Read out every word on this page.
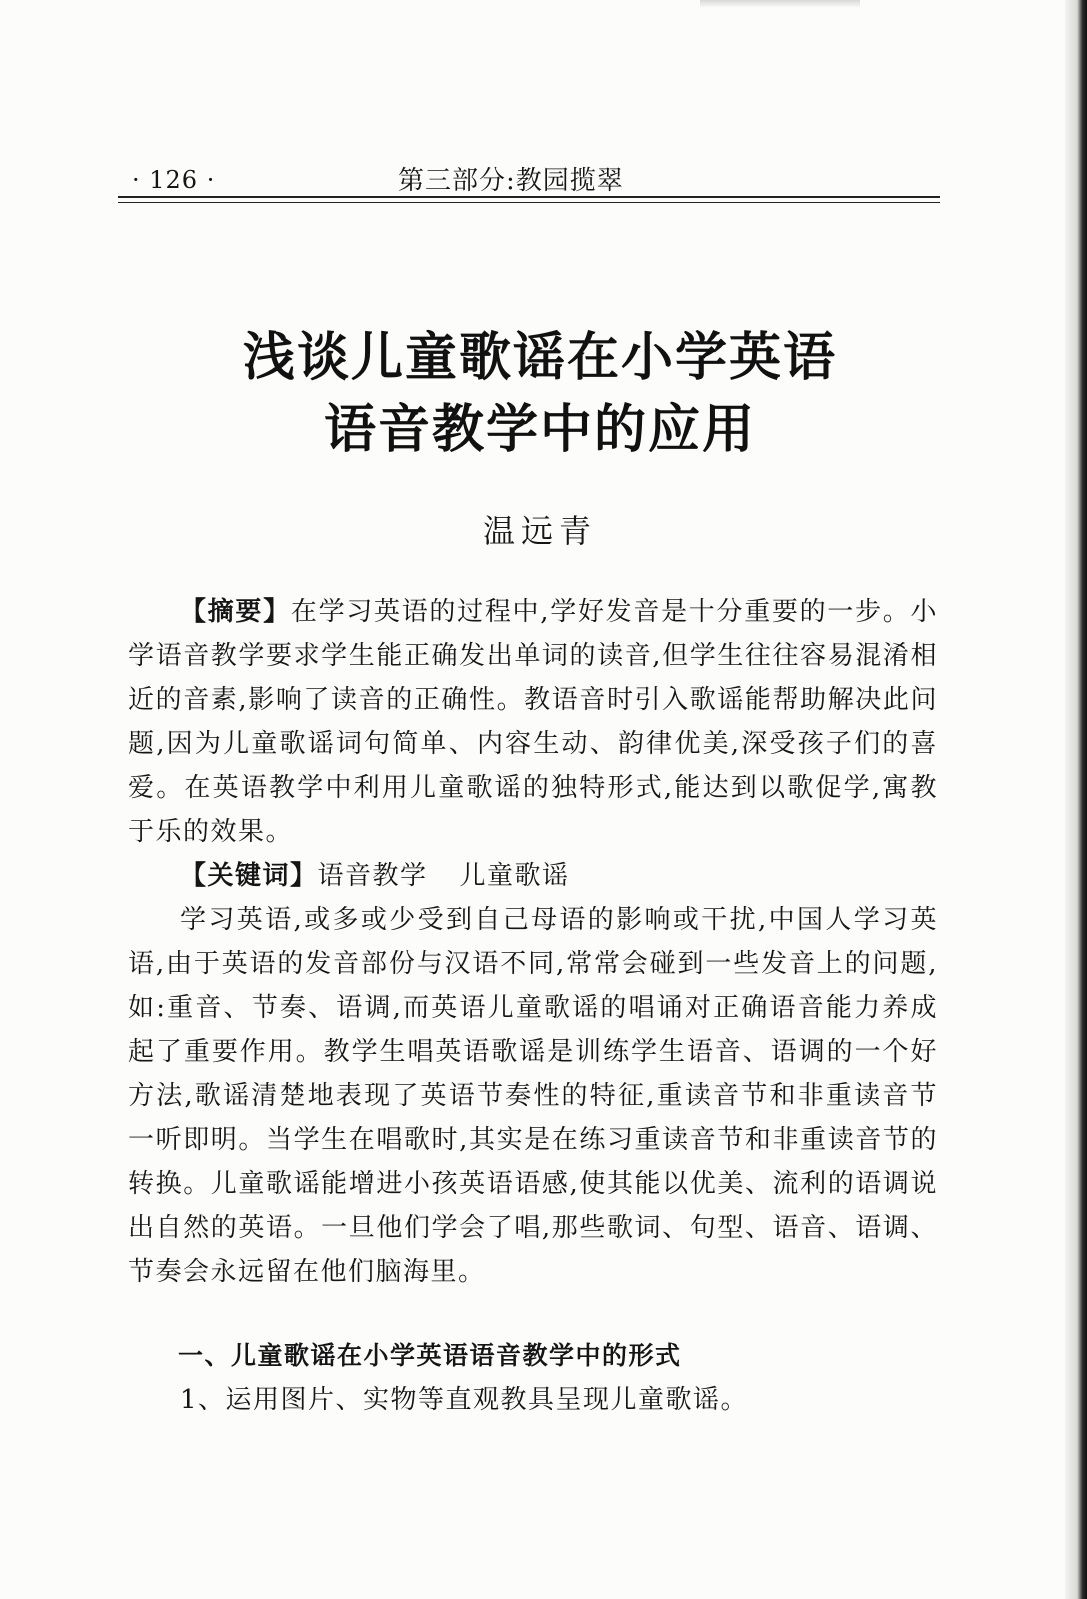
· 126 ·	第三部分:教园揽翠
浅谈儿童歌谣在小学英语
语音教学中的应用
温远青

【摘要】在学习英语的过程中,学好发音是十分重要的一步。小学语音教学要求学生能正确发出单词的读音,但学生往往容易混淆相近的音素,影响了读音的正确性。教语音时引入歌谣能帮助解决此问题,因为儿童歌谣词句简单、内容生动、韵律优美,深受孩子们的喜爱。在英语教学中利用儿童歌谣的独特形式,能达到以歌促学,寓教于乐的效果。

【关键词】语音教学 儿童歌谣

学习英语,或多或少受到自己母语的影响或干扰,中国人学习英语,由于英语的发音部份与汉语不同,常常会碰到一些发音上的问题,如:重音、节奏、语调,而英语儿童歌谣的唱诵对正确语音能力养成起了重要作用。教学生唱英语歌谣是训练学生语音、语调的一个好方法,歌谣清楚地表现了英语节奏性的特征,重读音节和非重读音节一听即明。当学生在唱歌时,其实是在练习重读音节和非重读音节的转换。儿童歌谣能增进小孩英语语感,使其能以优美、流利的语调说出自然的英语。一旦他们学会了唱,那些歌词、句型、语音、语调、节奏会永远留在他们脑海里。

一、儿童歌谣在小学英语语音教学中的形式

1、运用图片、实物等直观教具呈现儿童歌谣。
